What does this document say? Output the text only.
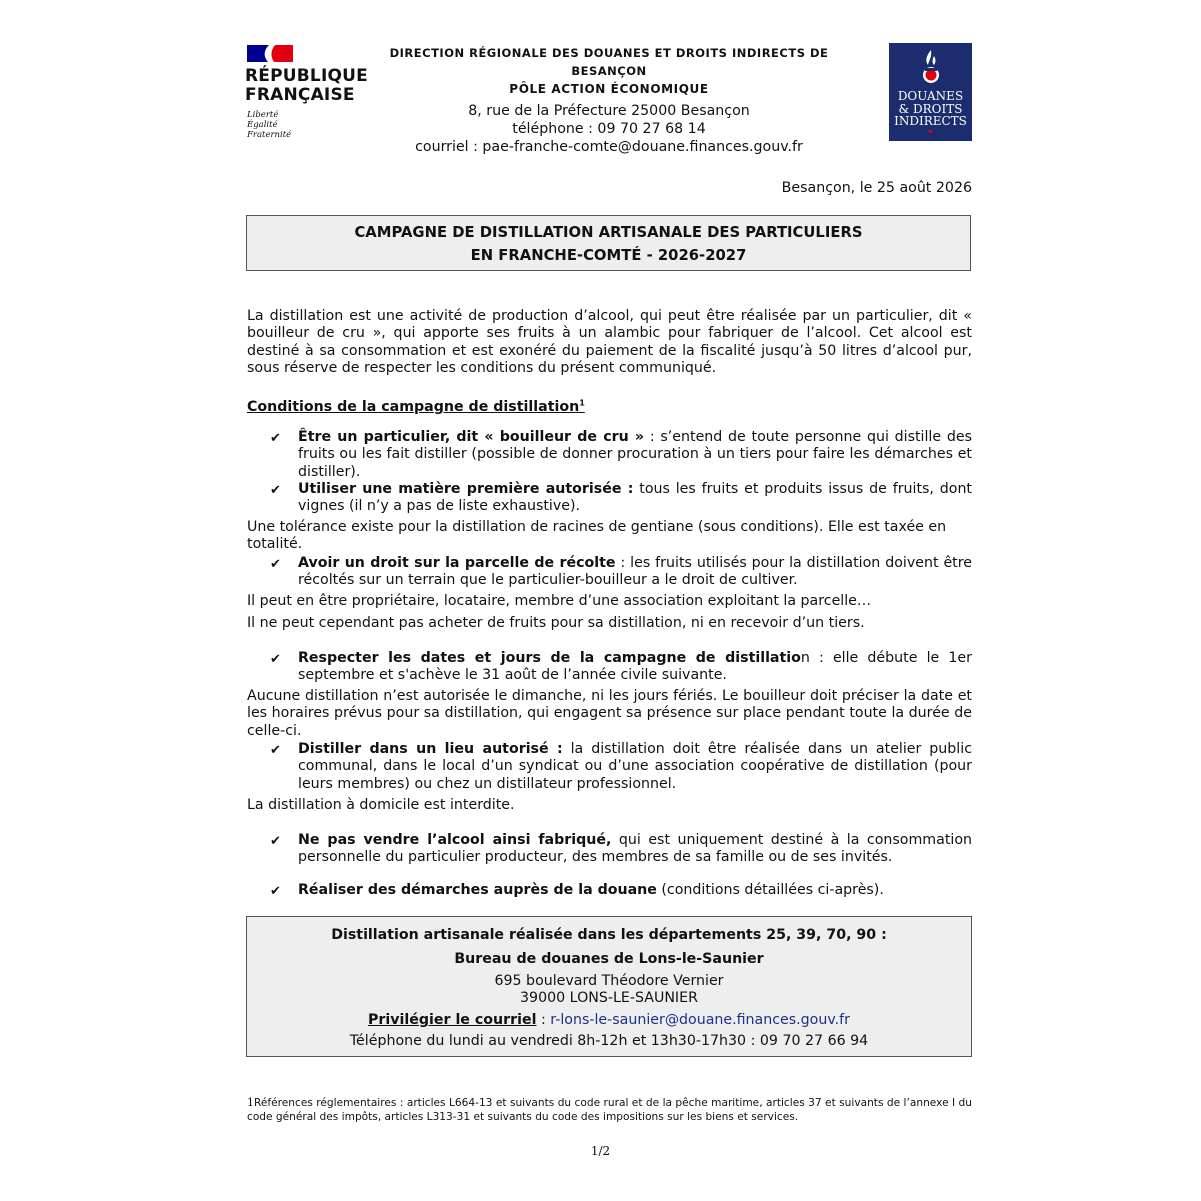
RÉPUBLIQUE
FRANÇAISE
Liberté
Égalité
Fraternité
DIRECTION RÉGIONALE DES DOUANES ET DROITS INDIRECTS DE BESANÇON
PÔLE ACTION ÉCONOMIQUE
8, rue de la Préfecture 25000 Besançon
téléphone : 09 70 27 68 14
courriel : pae-franche-comte@douane.finances.gouv.fr
DOUANES
& DROITS
INDIRECTS
Besançon, le 25 août 2026
CAMPAGNE DE DISTILLATION ARTISANALE DES PARTICULIERS
EN FRANCHE-COMTÉ - 2026-2027
La distillation est une activité de production d’alcool, qui peut être réalisée par un particulier, dit « bouilleur de cru », qui apporte ses fruits à un alambic pour fabriquer de l’alcool. Cet alcool est destiné à sa consommation et est exonéré du paiement de la fiscalité jusqu’à 50 litres d’alcool pur, sous réserve de respecter les conditions du présent communiqué.
Conditions de la campagne de distillation$^1$
✔ Être un particulier, dit « bouilleur de cru » : s’entend de toute personne qui distille des fruits ou les fait distiller (possible de donner procuration à un tiers pour faire les démarches et distiller).
✔ Utiliser une matière première autorisée : tous les fruits et produits issus de fruits, dont vignes (il n’y a pas de liste exhaustive).
Une tolérance existe pour la distillation de racines de gentiane (sous conditions). Elle est taxée en totalité.
✔ Avoir un droit sur la parcelle de récolte : les fruits utilisés pour la distillation doivent être récoltés sur un terrain que le particulier-bouilleur a le droit de cultiver.
Il peut en être propriétaire, locataire, membre d’une association exploitant la parcelle…
Il ne peut cependant pas acheter de fruits pour sa distillation, ni en recevoir d’un tiers.
✔ Respecter les dates et jours de la campagne de distillation : elle débute le 1er septembre et s'achève le 31 août de l’année civile suivante.
Aucune distillation n’est autorisée le dimanche, ni les jours fériés. Le bouilleur doit préciser la date et les horaires prévus pour sa distillation, qui engagent sa présence sur place pendant toute la durée de celle-ci.
✔ Distiller dans un lieu autorisé : la distillation doit être réalisée dans un atelier public communal, dans le local d’un syndicat ou d’une association coopérative de distillation (pour leurs membres) ou chez un distillateur professionnel.
La distillation à domicile est interdite.
✔ Ne pas vendre l’alcool ainsi fabriqué, qui est uniquement destiné à la consommation personnelle du particulier producteur, des membres de sa famille ou de ses invités.
✔ Réaliser des démarches auprès de la douane (conditions détaillées ci-après).
Distillation artisanale réalisée dans les départements 25, 39, 70, 90 :
Bureau de douanes de Lons-le-Saunier
695 boulevard Théodore Vernier
39000 LONS-LE-SAUNIER
Privilégier le courriel : r-lons-le-saunier@douane.finances.gouv.fr
Téléphone du lundi au vendredi 8h-12h et 13h30-17h30 : 09 70 27 66 94
1Références réglementaires : articles L664-13 et suivants du code rural et de la pêche maritime, articles 37 et suivants de l’annexe I du code général des impôts, articles L313-31 et suivants du code des impositions sur les biens et services.
1/2
